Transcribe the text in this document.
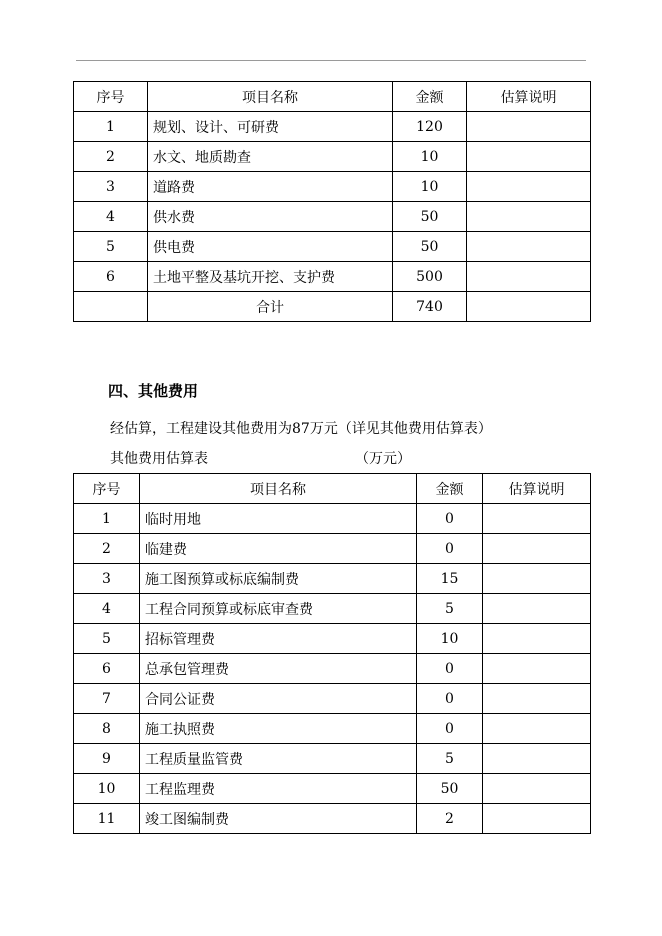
序号	项目名称	金额	估算说明
1	规划、设计、可研费	120	
2	水文、地质勘查	10	
3	道路费	10	
4	供水费	50	
5	供电费	50	
6	土地平整及基坑开挖、支护费	500	
	合计	740	
四、其他费用
经估算，工程建设其他费用为87万元（详见其他费用估算表）
其他费用估算表	（万元）
序号	项目名称	金额	估算说明
1	临时用地	0	
2	临建费	0	
3	施工图预算或标底编制费	15	
4	工程合同预算或标底审查费	5	
5	招标管理费	10	
6	总承包管理费	0	
7	合同公证费	0	
8	施工执照费	0	
9	工程质量监管费	5	
10	工程监理费	50	
11	竣工图编制费	2	
